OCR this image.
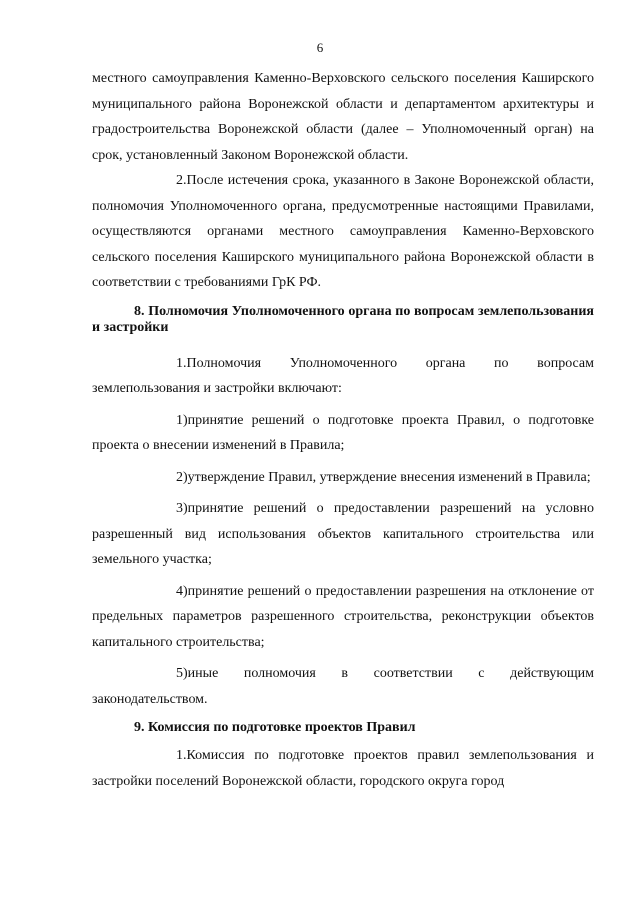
6

местного самоуправления Каменно-Верховского сельского поселения Каширского муниципального района Воронежской области и департаментом архитектуры и градостроительства Воронежской области (далее – Уполномоченный орган) на срок, установленный Законом Воронежской области.

2.После истечения срока, указанного в Законе Воронежской области, полномочия Уполномоченного органа, предусмотренные настоящими Правилами, осуществляются органами местного самоуправления Каменно-Верховского сельского поселения Каширского муниципального района Воронежской области в соответствии с требованиями ГрК РФ.

8. Полномочия Уполномоченного органа по вопросам землепользования и застройки

1.Полномочия Уполномоченного органа по вопросам землепользования и застройки включают:

1)принятие решений о подготовке проекта Правил, о подготовке проекта о внесении изменений в Правила;

2)утверждение Правил, утверждение внесения изменений в Правила;

3)принятие решений о предоставлении разрешений на условно разрешенный вид использования объектов капитального строительства или земельного участка;

4)принятие решений о предоставлении разрешения на отклонение от предельных параметров разрешенного строительства, реконструкции объектов капитального строительства;

5)иные полномочия в соответствии с действующим законодательством.

9. Комиссия по подготовке проектов Правил

1.Комиссия по подготовке проектов правил землепользования и застройки поселений Воронежской области, городского округа город
